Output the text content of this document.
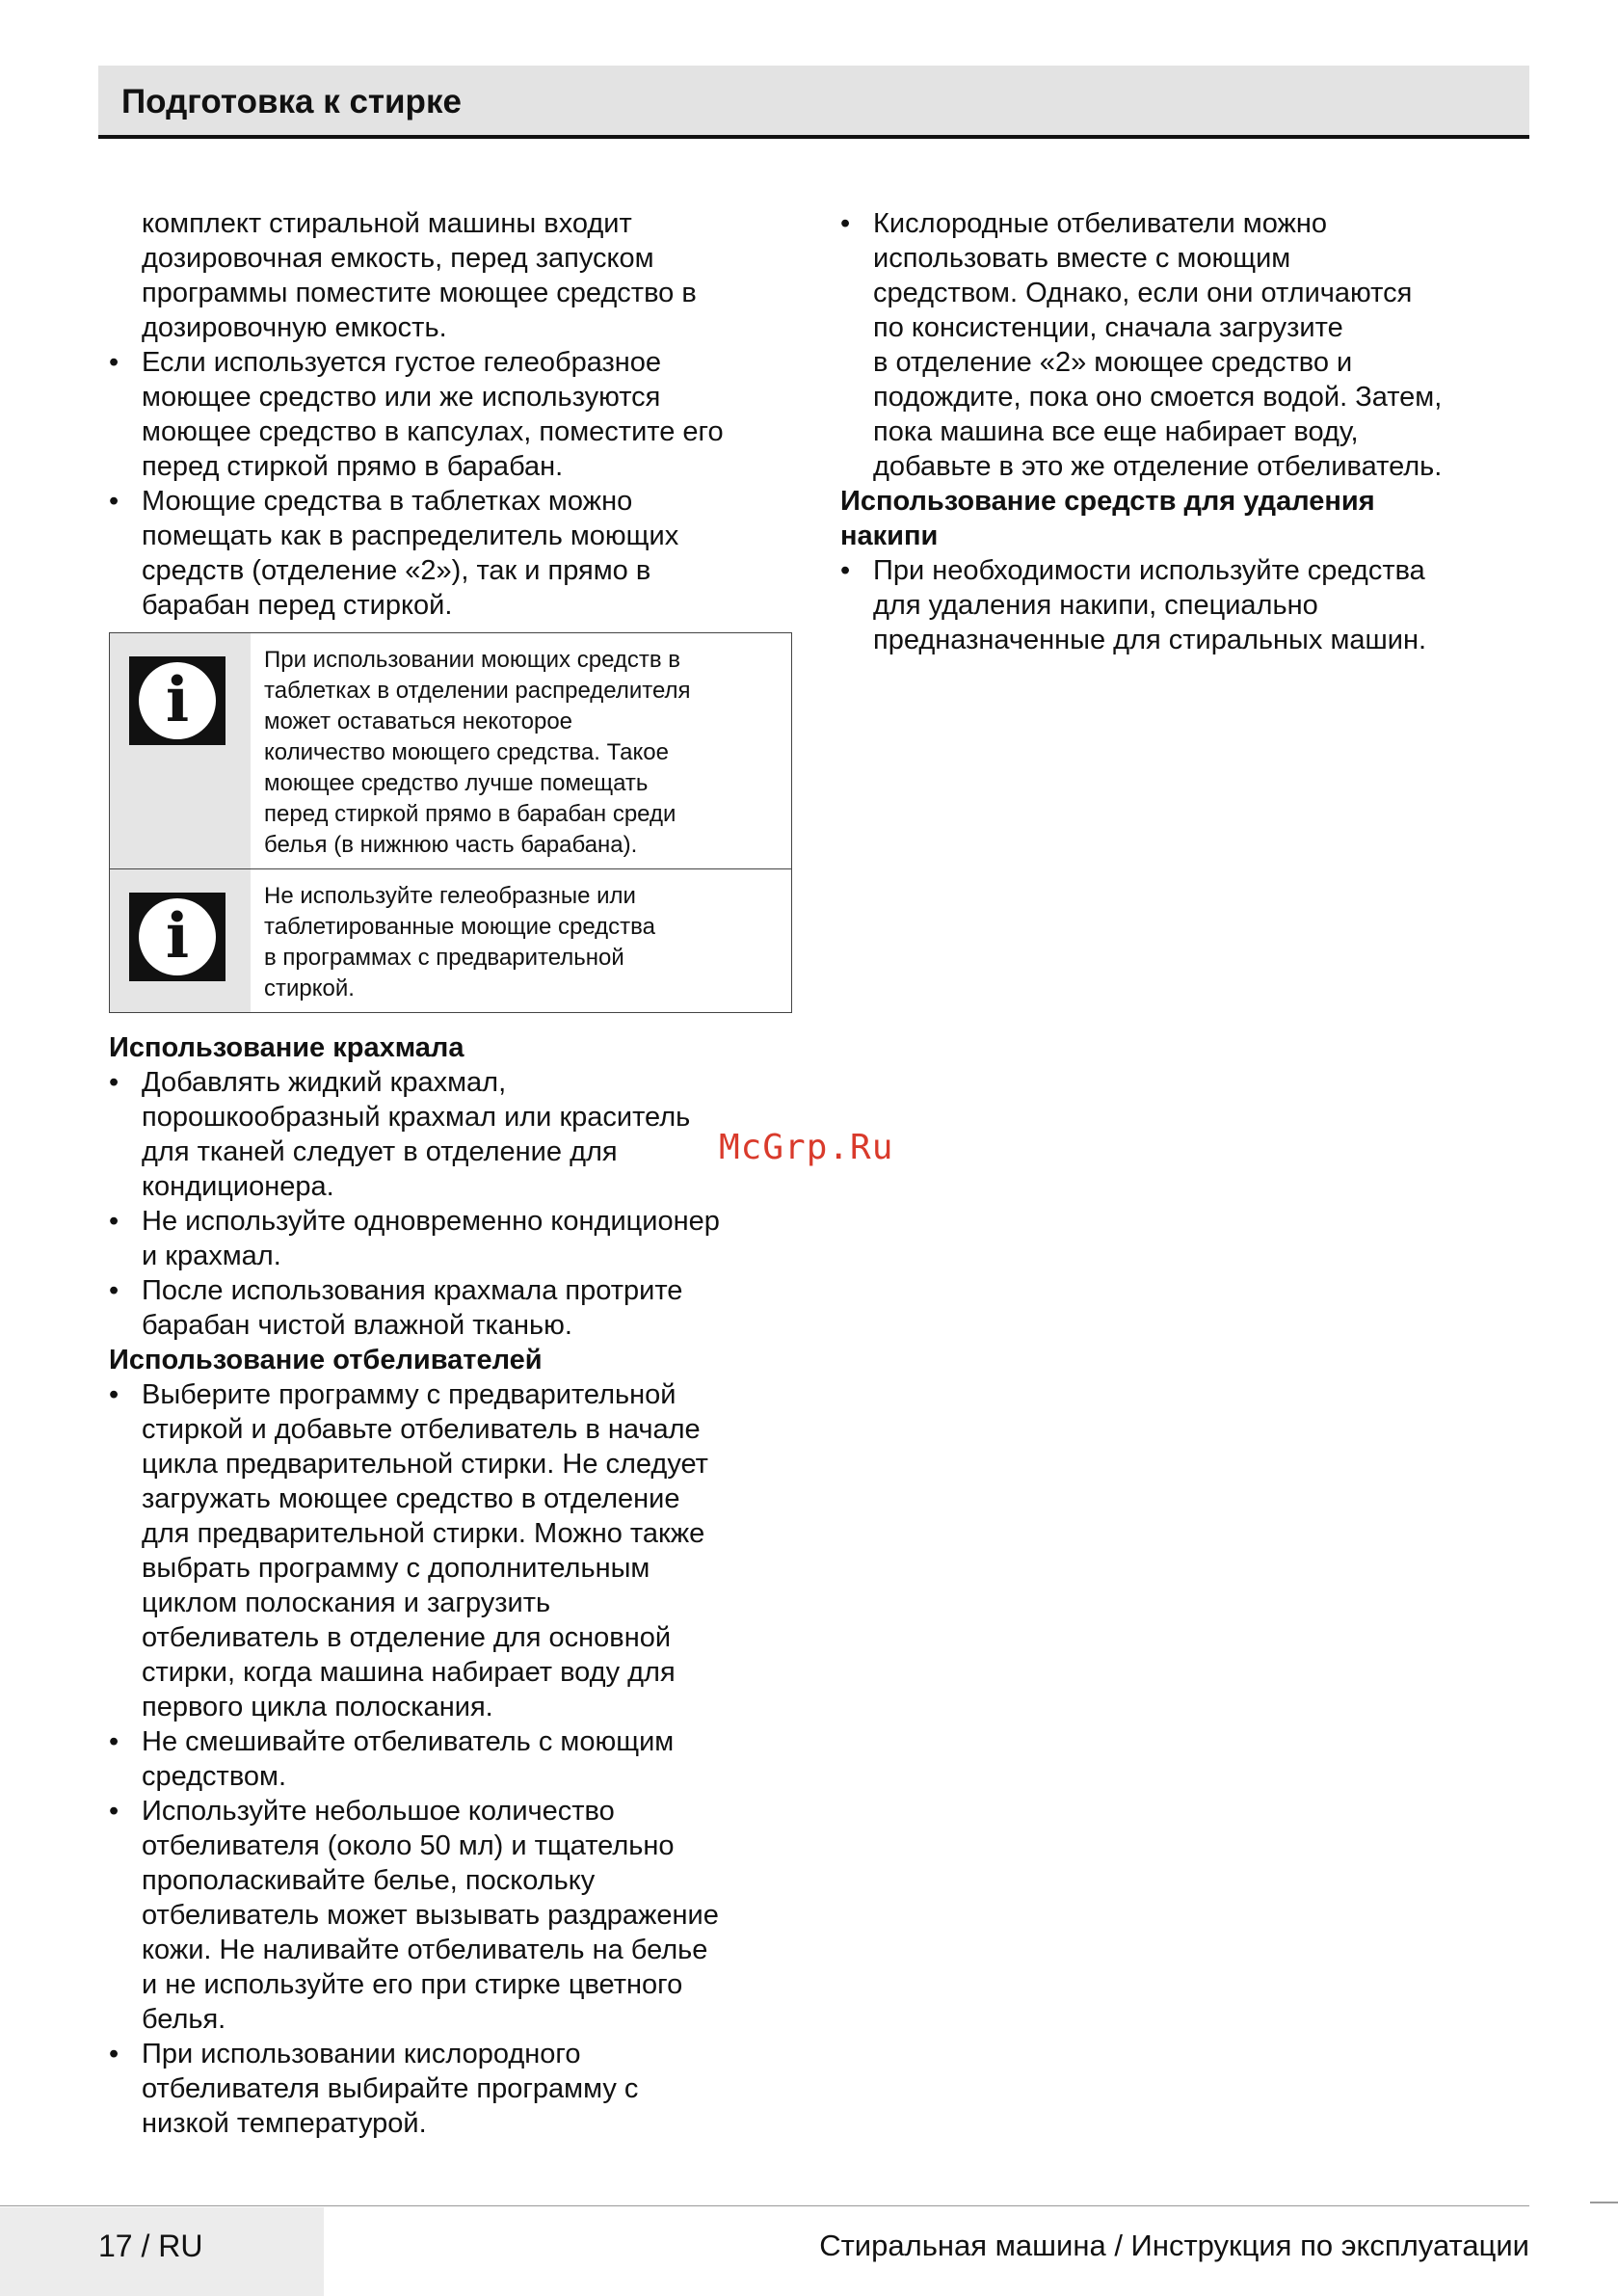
Подготовка к стирке

комплект стиральной машины входит

дозировочная емкость, перед запуском

программы поместите моющее средство в

дозировочную емкость.

• Если используется густое гелеобразное

моющее средство или же используются

моющее средство в капсулах, поместите его

перед стиркой прямо в барабан.

• Моющие средства в таблетках можно

помещать как в распределитель моющих

средств (отделение «2»), так и прямо в

барабан перед стиркой.

i
При использовании моющих средств в
таблетках в отделении распределителя
может оставаться некоторое
количество моющего средства. Такое
моющее средство лучше помещать
перед стиркой прямо в барабан среди
белья (в нижнюю часть барабана).
i
Не используйте гелеобразные или
таблетированные моющие средства
в программах с предварительной
стиркой.

Использование крахмала

• Добавлять жидкий крахмал,

порошкообразный крахмал или краситель

для тканей следует в отделение для

кондиционера.

• Не используйте одновременно кондиционер

и крахмал.

• После использования крахмала протрите

барабан чистой влажной тканью.

Использование отбеливателей

• Выберите программу с предварительной

стиркой и добавьте отбеливатель в начале

цикла предварительной стирки. Не следует

загружать моющее средство в отделение

для предварительной стирки. Можно также

выбрать программу с дополнительным

циклом полоскания и загрузить

отбеливатель в отделение для основной

стирки, когда машина набирает воду для

первого цикла полоскания.

• Не смешивайте отбеливатель с моющим

средством.

• Используйте небольшое количество

отбеливателя (около 50 мл) и тщательно

прополаскивайте белье, поскольку

отбеливатель может вызывать раздражение

кожи. Не наливайте отбеливатель на белье

и не используйте его при стирке цветного

белья.

• При использовании кислородного

отбеливателя выбирайте программу с

низкой температурой.

• Кислородные отбеливатели можно

использовать вместе с моющим

средством. Однако, если они отличаются

по консистенции, сначала загрузите

в отделение «2» моющее средство и

подождите, пока оно смоется водой. Затем,

пока машина все еще набирает воду,

добавьте в это же отделение отбеливатель.

Использование средств для удаления

накипи

• При необходимости используйте средства

для удаления накипи, специально

предназначенные для стиральных машин.

McGrp.Ru
17 / RU	Стиральная машина / Инструкция по эксплуатации
